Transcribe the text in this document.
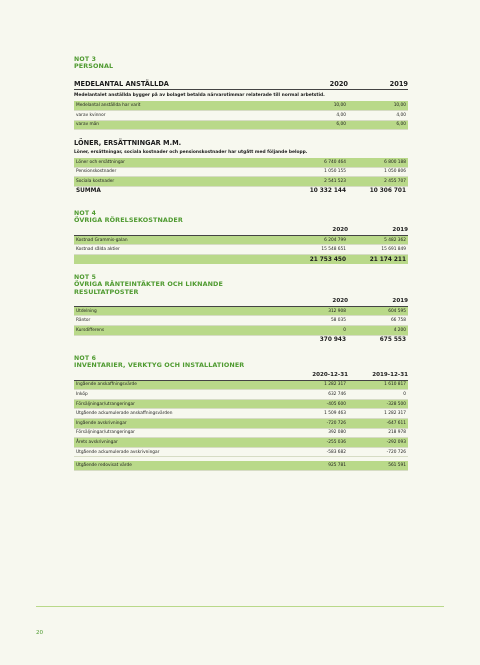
NOT 3
PERSONAL
MEDELANTAL ANSTÄLLDA	2020	2019
Medelantalet anställda bygger på av bolaget betalda närvarotimmar relaterade till normal arbetstid.
Medelantal anställda har varit	10,00	10,00
varav kvinnor	4,00	4,00
varav män	6,00	6,00
LÖNER, ERSÄTTNINGAR M.M.
Löner, ersättningar, sociala kostnader och pensionskostnader har utgått med följande belopp.
Löner och ersättningar	6 740 464	6 800 188
Pensionskostnader	1 050 155	1 050 806
Sociala kostnader	2 541 523	2 455 707
SUMMA	10 332 144	10 306 701
NOT 4
ÖVRIGA RÖRELSEKOSTNADER
2020	2019
Kostnad Grammis-galan	6 204 799	5 482 362
Kostnad sålda aktier	15 548 651	15 691 849
21 753 450	21 174 211
NOT 5
ÖVRIGA RÄNTEINTÄKTER OCH LIKNANDE RESULTATPOSTER
2020	2019
Utdelning	312 908	604 595
Räntor	58 035	66 758
Kursdifferens	0	4 200
370 943	675 553
NOT 6
INVENTARIER, VERKTYG OCH INSTALLATIONER
2020-12-31	2019-12-31
Ingående anskaffningsvärde	1 282 317	1 610 817
Inköp	632 746	0
Försäljningar/utrangeringar	-405 600	-328 500
Utgående ackumulerade anskaffningsvärden	1 509 463	1 282 317
Ingående avskrivningar	-720 726	-647 611
Försäljningar/utrangeringar	392 080	218 978
Årets avskrivningar	-255 036	-292 093
Utgående ackumulerade avskrivningar	-583 682	-720 726
Utgående redovisat värde	925 781	561 591
20
